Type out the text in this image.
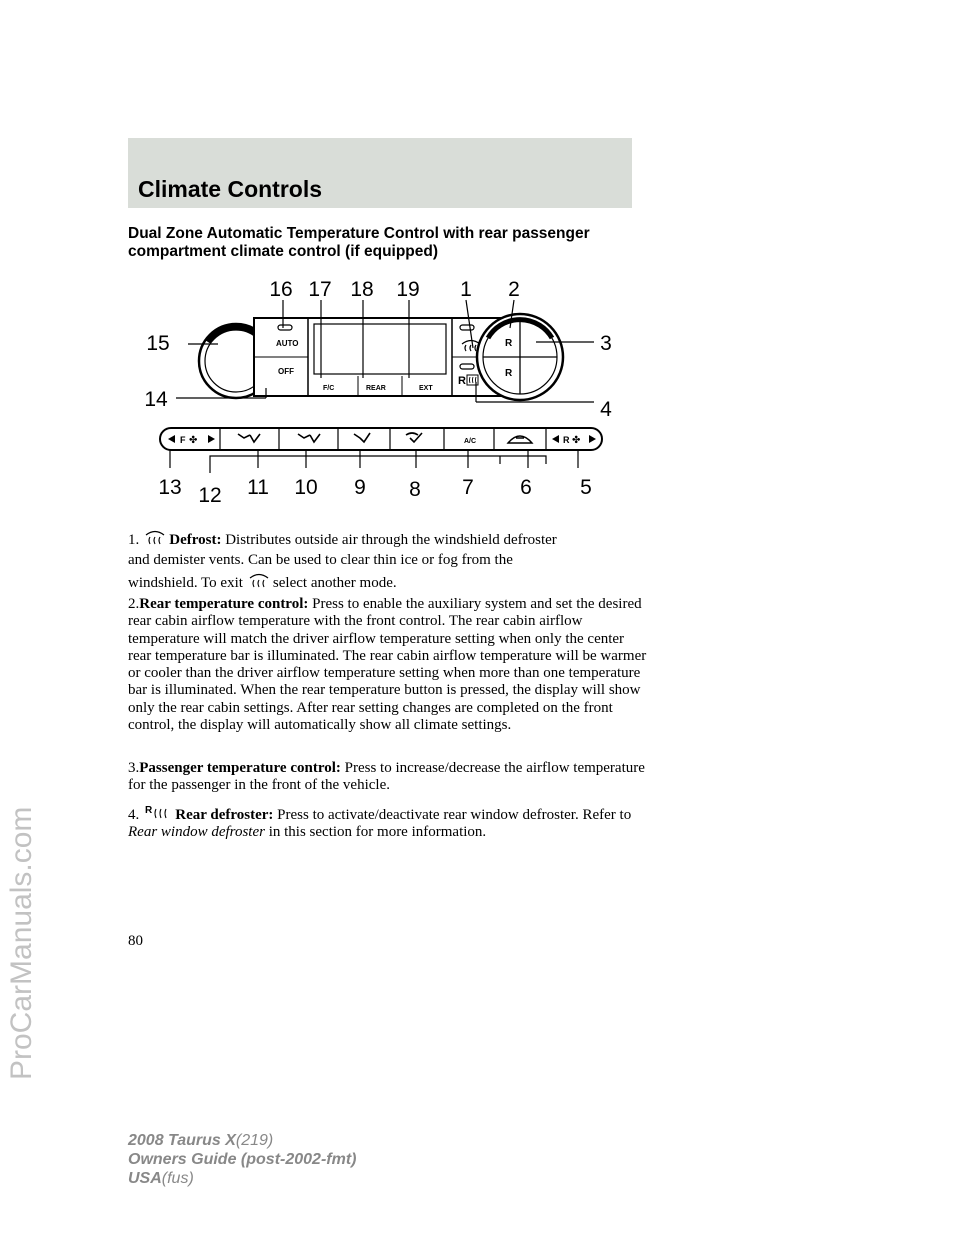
Climate Controls
Dual Zone Automatic Temperature Control with rear passenger
compartment climate control (if equipped)
AUTO
OFF
F/C	REAR	EXT
R
R
R
F ✤	A/C	R ✤
16 17 18 19 1 2
3
4
5
6
7
8
9
10
11
12
13
14
15
1. Defrost: Distributes outside air through the windshield defroster
and demister vents. Can be used to clear thin ice or fog from the
windshield. To exit select another mode.
2.Rear temperature control: Press to enable the auxiliary system and set the desired rear cabin airflow temperature with the front control. The rear cabin airflow temperature will match the driver airflow temperature setting when only the center rear temperature bar is illuminated. The rear cabin airflow temperature will be warmer or cooler than the driver airflow temperature setting when more than one temperature bar is illuminated. When the rear temperature button is pressed, the display will show only the rear cabin settings. After rear setting changes are completed on the front control, the display will automatically show all climate settings.
3.Passenger temperature control: Press to increase/decrease the airflow temperature for the passenger in the front of the vehicle.
4. R Rear defroster: Press to activate/deactivate rear window defroster. Refer to Rear window defroster in this section for more information.
80
2008 Taurus X(219)
Owners Guide (post-2002-fmt)
USA(fus)
ProCarManuals.com
